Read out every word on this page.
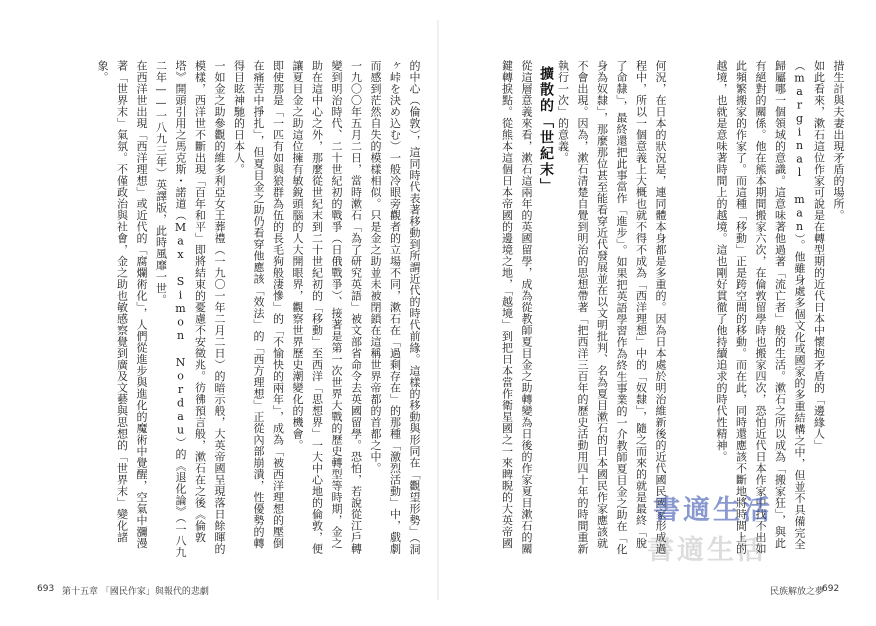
措生計與夫妻出現矛盾的場所。

如此看來，漱石這位作家可說是在轉型期的近代日本中懷抱矛盾的「邊緣人」（marginal man）。他雖身處多個文化或國家的多重結構之中，但並不具備完全歸屬哪一個領域的意識。這意味著他過著「流亡者」般的生活。漱石之所以成為「搬家狂」，與此有絕對的關係。他在熊本期間搬家六次，在倫敦留學時也搬家四次，恐怕近代日本作家中找不出如此頻繁搬家的作家了。而這種「移動」正是跨空間的移動。而在此，同時還應該不斷地將時間上的越境，也就是意味著時間上的越境。這也剛好貫徹了他持續追求的時代性精神。

何況，在日本的狀況是，連同體本身都是多重的。因為日本處於明治維新後的近代國民國家形成過程中，所以一個意義上大概也就不得不成為「西洋理想」中的「奴隸」，隨之而來的就是最終「脫了命隸」，最終還把此事當作「進步」。如果把英語學習作為終生事業的一介教師夏目金之助在「化身為奴隸」，那麼那位甚至能看穿近代發展並在以文明批判、名為夏目漱石的日本國民作家應該就不會出現。因為，漱石清楚自覺到明治的思想帶著「把西洋三百年的歷史活動用四十年的時間重新執行一次」的意義。

擴散的「世紀末」

從這層意義來看，漱石這兩年的英國留學，成為從教師夏目金之助轉變為日後的作家夏目漱石的關鍵轉捩點。從熊本這個日本帝國的邊境之地，「越境」到把日本當作衛星國之一來睥睨的大英帝國

的中心（倫敦），這同時代表著移動到所謂近代的時代前緣。這樣的移動與形同在「觀望形勢」（洞ヶ峠を決め込む）一般冷眼旁觀者的立場不同，漱石在「過剩存在」的那種「激烈活動」中，戲劇而感到茫然自失的模樣相似。只是金之助並未被閉鎖在這稱世界帝都的首都之中。

一九〇〇年五月二日，當時漱石「為了研究英語」被文部省命令去英國留學。恐怕，若說從江戶轉變到明治時代、二十世紀初的戰爭（日俄戰爭）、接著是第一次世界大戰的歷史轉型等時期，金之助在這中心之外，那麼從世紀末到二十世紀初的「移動」至西洋「思想界」一大中心地的倫敦，便讓夏目金之助這位擁有敏銳頭腦的人大開眼界，觀察世界歷史潮變化的機會。

即使那是「一匹有如與狼群為伍的長毛狗般淒慘」的「不愉快的兩年」，成為「被西洋理想的壓倒在痛苦中掙扎」，但夏目金之助仍看穿他應該「效法」的「西方理想」正從內部崩潰，性優勢的轉得目眩神馳的日本人。

一如金之助參觀的維多利亞女王葬禮（一九〇一年二月二日）的暗示般，大英帝國呈現落日餘暉的模樣，西洋世不斷出現「百年和平」即將結束的憂慮不安徵兆。彷彿預言般，漱石在之後《倫敦塔》開頭引用之馬克斯・諾道（Max Simon Nordau）的《退化論》（一八九二年——一八九三年）英譯版，此時風靡一世。

在西洋世出現「西洋理想」或近代的「腐爛術化」，人們從進步與進化的魔術中覺醒，空氣中瀰漫著「世界末」氣氛。不僅政治與社會，金之助也敏感察覺到廣及文藝與思想的「世界末」變化諸象。

693 第十五章 「國民作家」與報代的悲劇	民族解放之夢
692
書適生活
書適生活
